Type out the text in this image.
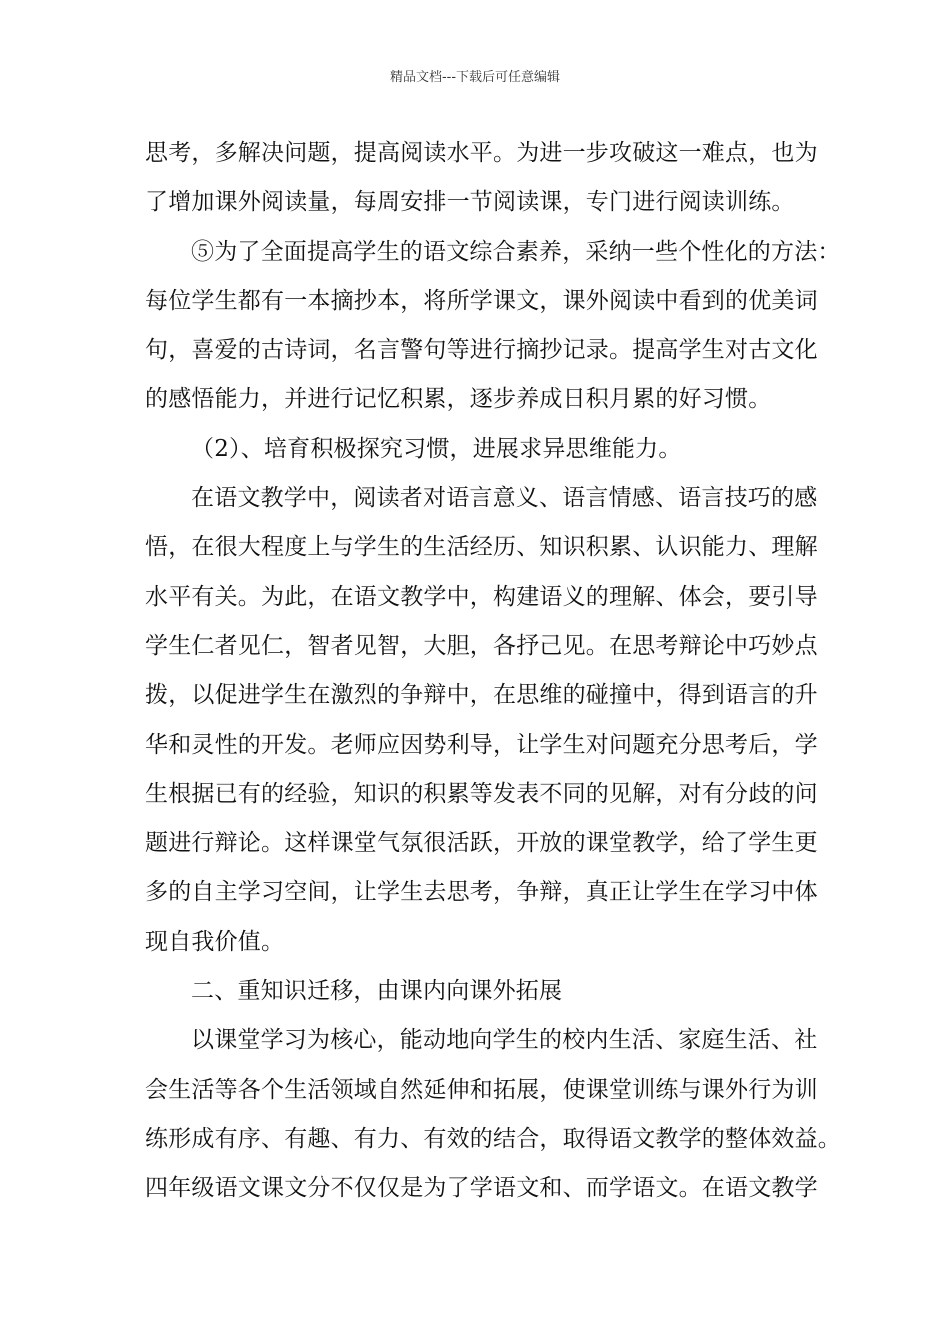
精品文档---下载后可任意编辑
思考，多解决问题，提高阅读水平。为进一步攻破这一难点，也为
了增加课外阅读量，每周安排一节阅读课，专门进行阅读训练。
⑤为了全面提高学生的语文综合素养，采纳一些个性化的方法：
每位学生都有一本摘抄本，将所学课文，课外阅读中看到的优美词
句，喜爱的古诗词，名言警句等进行摘抄记录。提高学生对古文化
的感悟能力，并进行记忆积累，逐步养成日积月累的好习惯。
（2）、培育积极探究习惯，进展求异思维能力。
在语文教学中，阅读者对语言意义、语言情感、语言技巧的感
悟，在很大程度上与学生的生活经历、知识积累、认识能力、理解
水平有关。为此，在语文教学中，构建语义的理解、体会，要引导
学生仁者见仁，智者见智，大胆，各抒己见。在思考辩论中巧妙点
拨，以促进学生在激烈的争辩中，在思维的碰撞中，得到语言的升
华和灵性的开发。老师应因势利导，让学生对问题充分思考后，学
生根据已有的经验，知识的积累等发表不同的见解，对有分歧的问
题进行辩论。这样课堂气氛很活跃，开放的课堂教学，给了学生更
多的自主学习空间，让学生去思考，争辩，真正让学生在学习中体
现自我价值。
二、重知识迁移，由课内向课外拓展
以课堂学习为核心，能动地向学生的校内生活、家庭生活、社
会生活等各个生活领域自然延伸和拓展，使课堂训练与课外行为训
练形成有序、有趣、有力、有效的结合，取得语文教学的整体效益。
四年级语文课文分不仅仅是为了学语文和、而学语文。在语文教学
